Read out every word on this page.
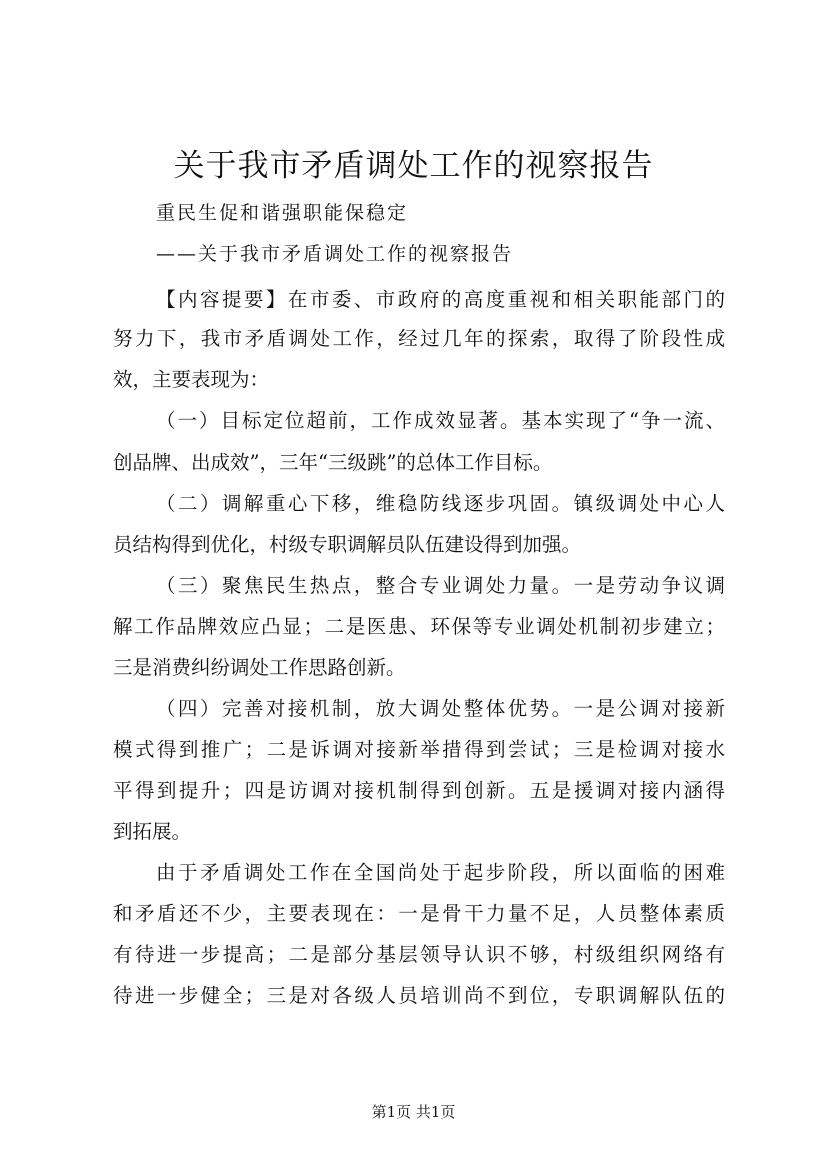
关于我市矛盾调处工作的视察报告
重民生促和谐强职能保稳定
——关于我市矛盾调处工作的视察报告
【内容提要】在市委、市政府的高度重视和相关职能部门的
努力下，我市矛盾调处工作，经过几年的探索，取得了阶段性成
效，主要表现为：
（一）目标定位超前，工作成效显著。基本实现了“争一流、
创品牌、出成效”，三年“三级跳”的总体工作目标。
（二）调解重心下移，维稳防线逐步巩固。镇级调处中心人
员结构得到优化，村级专职调解员队伍建设得到加强。
（三）聚焦民生热点，整合专业调处力量。一是劳动争议调
解工作品牌效应凸显；二是医患、环保等专业调处机制初步建立；
三是消费纠纷调处工作思路创新。
（四）完善对接机制，放大调处整体优势。一是公调对接新
模式得到推广；二是诉调对接新举措得到尝试；三是检调对接水
平得到提升；四是访调对接机制得到创新。五是援调对接内涵得
到拓展。
由于矛盾调处工作在全国尚处于起步阶段，所以面临的困难
和矛盾还不少，主要表现在：一是骨干力量不足，人员整体素质
有待进一步提高；二是部分基层领导认识不够，村级组织网络有
待进一步健全；三是对各级人员培训尚不到位，专职调解队伍的
第1页 共1页
